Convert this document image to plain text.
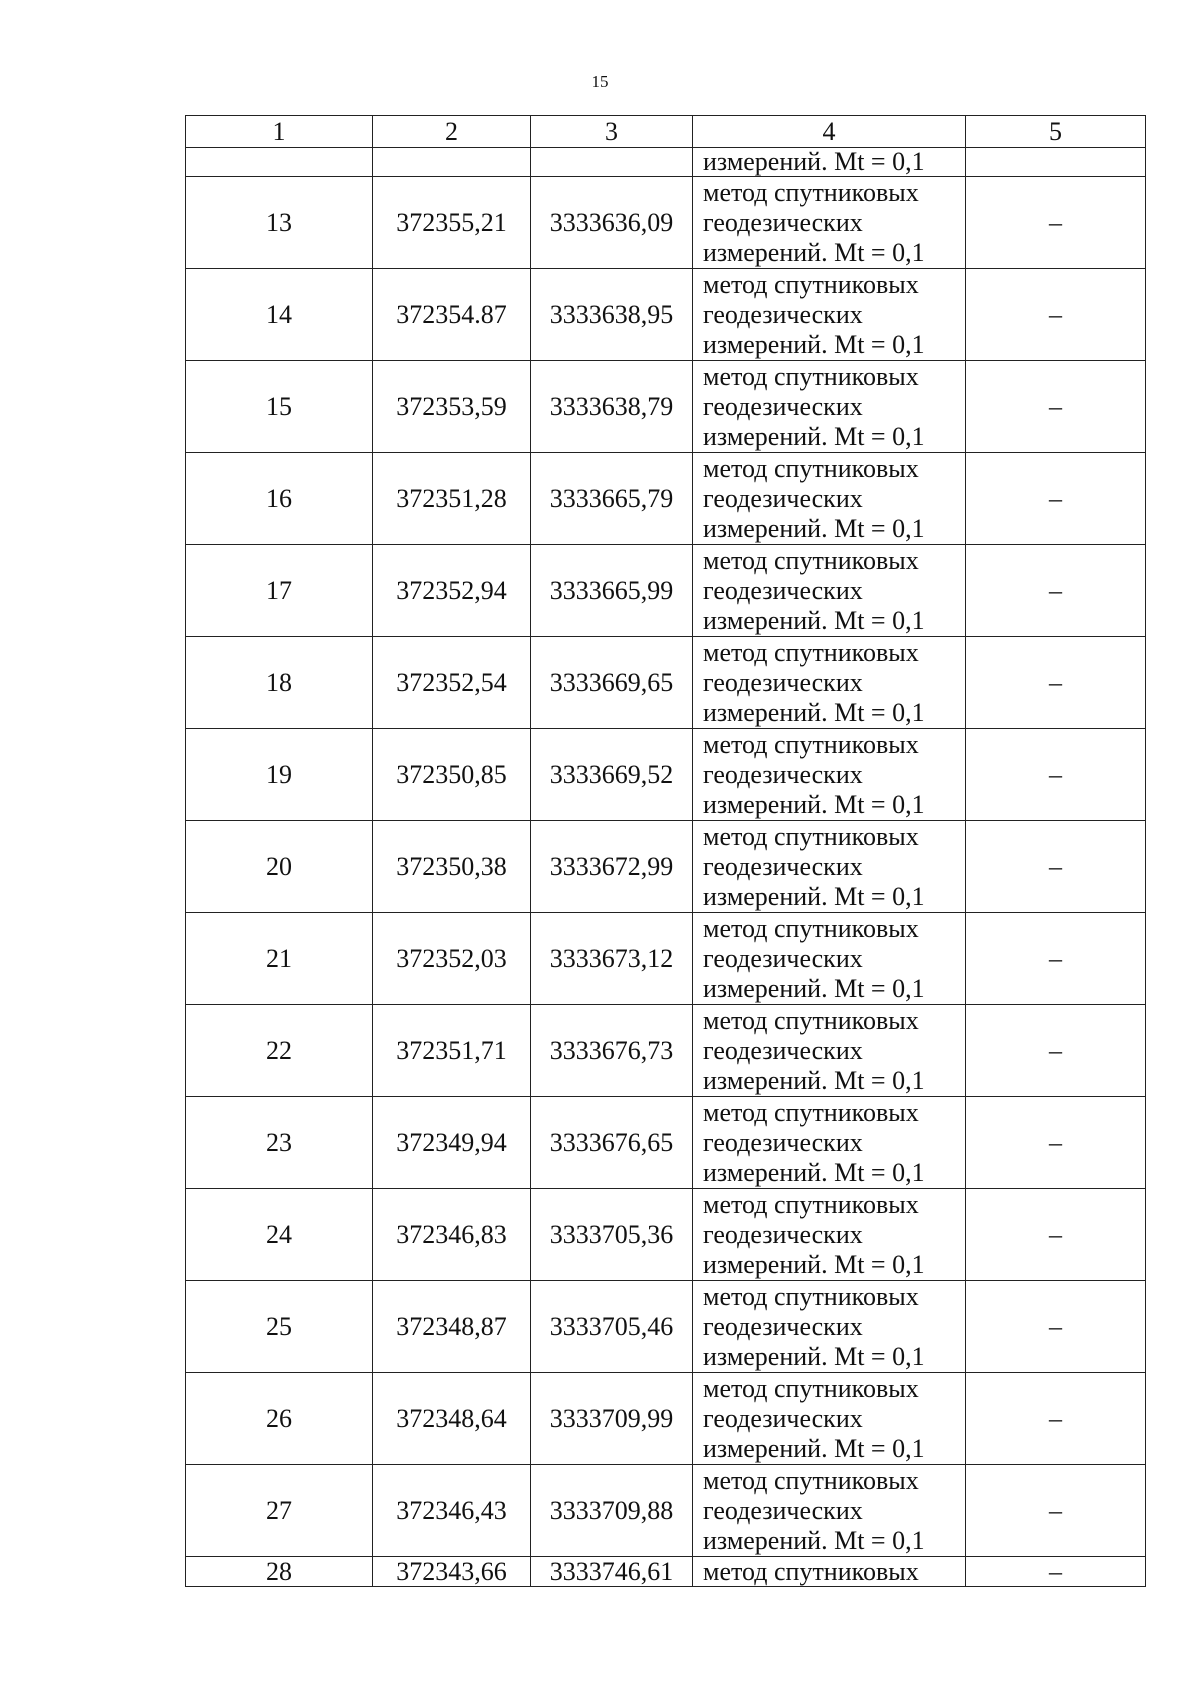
15
1	2	3	4	5
			измерений. Mt = 0,1	
13	372355,21	3333636,09	метод спутниковых
геодезических
измерений. Mt = 0,1	–
14	372354.87	3333638,95	метод спутниковых
геодезических
измерений. Mt = 0,1	–
15	372353,59	3333638,79	метод спутниковых
геодезических
измерений. Mt = 0,1	–
16	372351,28	3333665,79	метод спутниковых
геодезических
измерений. Mt = 0,1	–
17	372352,94	3333665,99	метод спутниковых
геодезических
измерений. Mt = 0,1	–
18	372352,54	3333669,65	метод спутниковых
геодезических
измерений. Mt = 0,1	–
19	372350,85	3333669,52	метод спутниковых
геодезических
измерений. Mt = 0,1	–
20	372350,38	3333672,99	метод спутниковых
геодезических
измерений. Mt = 0,1	–
21	372352,03	3333673,12	метод спутниковых
геодезических
измерений. Mt = 0,1	–
22	372351,71	3333676,73	метод спутниковых
геодезических
измерений. Mt = 0,1	–
23	372349,94	3333676,65	метод спутниковых
геодезических
измерений. Mt = 0,1	–
24	372346,83	3333705,36	метод спутниковых
геодезических
измерений. Mt = 0,1	–
25	372348,87	3333705,46	метод спутниковых
геодезических
измерений. Mt = 0,1	–
26	372348,64	3333709,99	метод спутниковых
геодезических
измерений. Mt = 0,1	–
27	372346,43	3333709,88	метод спутниковых
геодезических
измерений. Mt = 0,1	–
28	372343,66	3333746,61	метод спутниковых	–
